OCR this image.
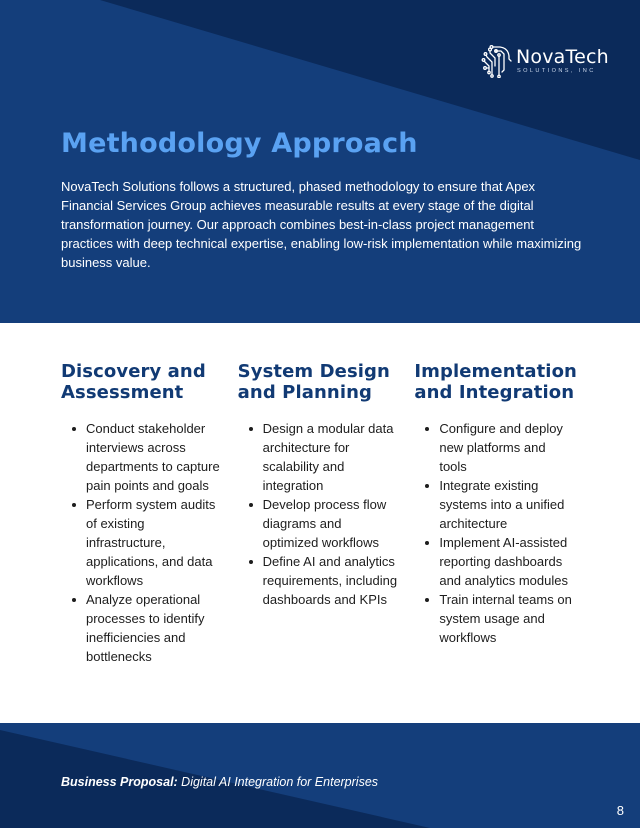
NovaTech
SOLUTIONS, INC
Methodology Approach

NovaTech Solutions follows a structured, phased methodology to ensure that Apex Financial Services Group achieves measurable results at every stage of the digital transformation journey. Our approach combines best-in-class project management practices with deep technical expertise, enabling low-risk implementation while maximizing business value.

Discovery and Assessment
Conduct stakeholder interviews across departments to capture pain points and goals
Perform system audits of existing infrastructure, applications, and data workflows
Analyze operational processes to identify inefficiencies and bottlenecks
System Design and Planning
Design a modular data architecture for scalability and integration
Develop process flow diagrams and optimized workflows
Define AI and analytics requirements, including dashboards and KPIs
Implementation and Integration
Configure and deploy new platforms and tools
Integrate existing systems into a unified architecture
Implement AI-assisted reporting dashboards and analytics modules
Train internal teams on system usage and workflows

Business Proposal: Digital AI Integration for Enterprises

8
